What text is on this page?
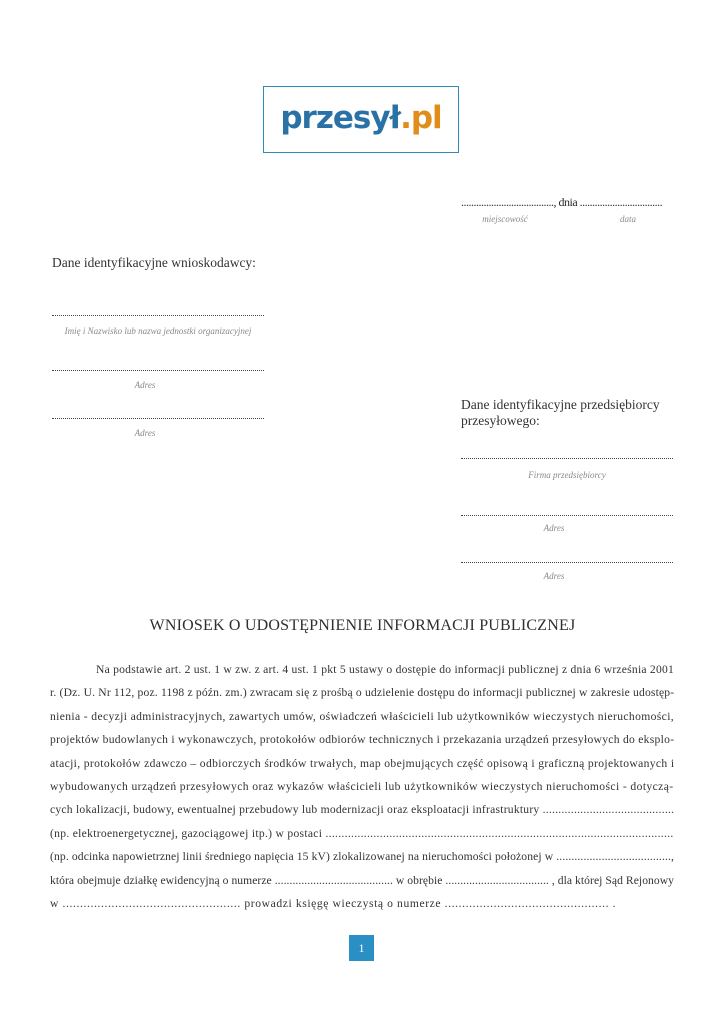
przesył.pl
....................................., dnia .................................
miejscowość	data
Dane identyfikacyjne wnioskodawcy:
Imię i Nazwisko lub nazwa jednostki organizacyjnej
Adres
Adres
Dane identyfikacyjne przedsiębiorcy
przesyłowego:
Firma przedsiębiorcy
Adres
Adres
WNIOSEK O UDOSTĘPNIENIE INFORMACJI PUBLICZNEJ
Na podstawie art. 2 ust. 1 w zw. z art. 4 ust. 1 pkt 5 ustawy o dostępie do informacji publicznej z dnia 6 września 2001
r. (Dz. U. Nr 112, poz. 1198 z późn. zm.) zwracam się z prośbą o udzielenie dostępu do informacji publicznej w zakresie udostęp-
nienia - decyzji administracyjnych, zawartych umów, oświadczeń właścicieli lub użytkowników wieczystych nieruchomości,
projektów budowlanych i wykonawczych, protokołów odbiorów technicznych i przekazania urządzeń przesyłowych do eksplo-
atacji, protokołów zdawczo – odbiorczych środków trwałych, map obejmujących część opisową i graficzną projektowanych i
wybudowanych urządzeń przesyłowych oraz wykazów właścicieli lub użytkowników wieczystych nieruchomości - dotyczą-
cych lokalizacji, budowy, ewentualnej przebudowy lub modernizacji oraz eksploatacji infrastruktury ..........................................
(np. elektroenergetycznej, gazociągowej itp.) w postaci .............................................................................................................
(np. odcinka napowietrznej linii średniego napięcia 15 kV) zlokalizowanej na nieruchomości położonej w ......................................,
która obejmuje działkę ewidencyjną o numerze ........................................ w obrębie ................................... , dla której Sąd Rejonowy
w ................................................... prowadzi księgę wieczystą o numerze ............................................... .
1
